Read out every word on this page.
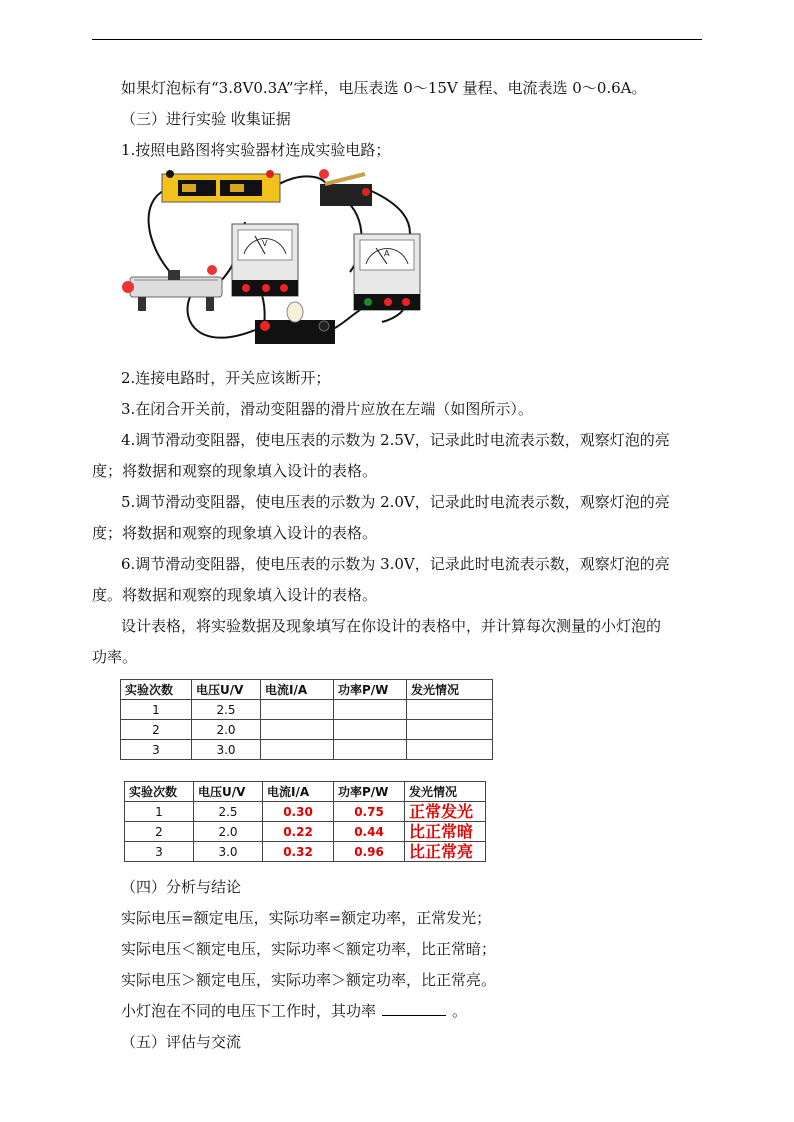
如果灯泡标有“3.8V0.3A”字样，电压表选 0～15V 量程、电流表选 0～0.6A。
（三）进行实验 收集证据
1.按照电路图将实验器材连成实验电路；
V
A
2.连接电路时，开关应该断开；
3.在闭合开关前，滑动变阻器的滑片应放在左端（如图所示）。
4.调节滑动变阻器，使电压表的示数为 2.5V，记录此时电流表示数，观察灯泡的亮
度；将数据和观察的现象填入设计的表格。
5.调节滑动变阻器，使电压表的示数为 2.0V，记录此时电流表示数，观察灯泡的亮
度；将数据和观察的现象填入设计的表格。
6.调节滑动变阻器，使电压表的示数为 3.0V，记录此时电流表示数，观察灯泡的亮
度。将数据和观察的现象填入设计的表格。
设计表格，将实验数据及现象填写在你设计的表格中，并计算每次测量的小灯泡的
功率。
实验次数	电压U/V	电流I/A	功率P/W	发光情况
1	2.5			
2	2.0			
3	3.0			
实验次数	电压U/V	电流I/A	功率P/W	发光情况
1	2.5	0.30	0.75	正常发光
2	2.0	0.22	0.44	比正常暗
3	3.0	0.32	0.96	比正常亮
（四）分析与结论
实际电压=额定电压，实际功率=额定功率，正常发光；
实际电压＜额定电压，实际功率＜额定功率，比正常暗；
实际电压＞额定电压，实际功率＞额定功率，比正常亮。
小灯泡在不同的电压下工作时，其功率	。
（五）评估与交流
